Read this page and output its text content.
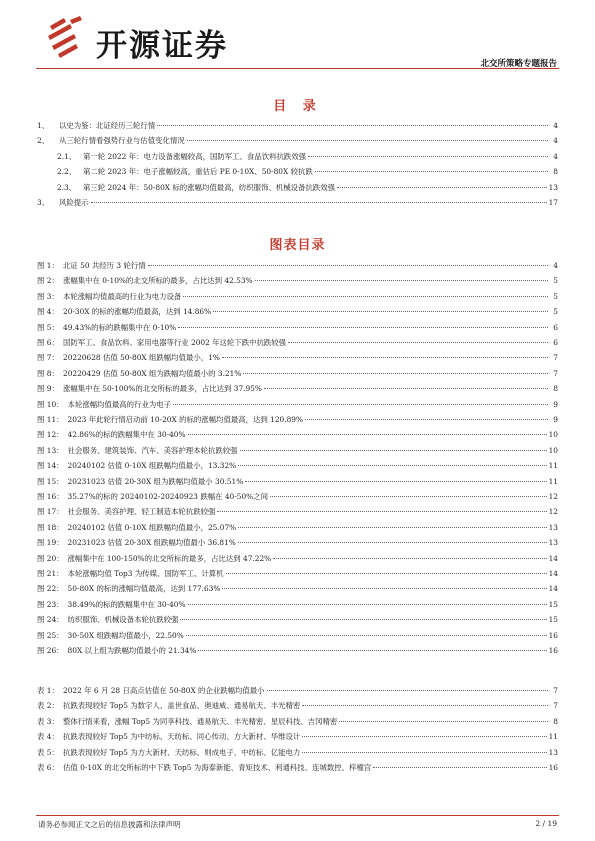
开源证券	北交所策略专题报告
目 录
1、	以史为鉴：北证经历三轮行情	4
2、	从三轮行情看强势行业与估值变化情况	4
2.1、 第一轮 2022 年：电力设备涨幅较高，国防军工、食品饮料抗跌效强	4
2.2、 第二轮 2023 年：电子涨幅较高，重估后 PE 0-10X、50-80X 较抗跌	8
2.3、 第三轮 2024 年：50-80X 标的涨幅均值最高，纺织服饰、机械设备抗跌效强	13
3、	风险提示	17
图表目录
图 1： 北证 50 共经历 3 轮行情	4
图 2： 涨幅集中在 0-10%的北交所标的最多，占比达到 42.53%	5
图 3： 本轮涨幅均值最高的行业为电力设备	5
图 4： 20-30X 的标的涨幅均值最高，达到 14.86%	5
图 5： 49.43%的标的跌幅集中在 0-10%	6
图 6： 国防军工、食品饮料、家用电器等行业 2002 年这轮下跌中抗跌较强	6
图 7： 20220628 估值 50-80X 组跌幅均值最小，1%	7
图 8： 20220429 估值 50-80X 组为跌幅均值最小的 3.21%	7
图 9： 涨幅集中在 50-100%的北交所标的最多，占比达到 37.95%	8
图 10： 本轮涨幅均值最高的行业为电子	9
图 11： 2023 年此轮行情启动前 10-20X 的标的涨幅均值最高，达到 120.89%	9
图 12： 42.86%的标的跌幅集中在 30-40%	10
图 13： 社会服务、建筑装饰、汽车、美容护理本轮抗跌较强	10
图 14： 20240102 估值 0-10X 组跌幅均值最小，13.32%	11
图 15： 20231023 估值 20-30X 组为跌幅均值最小 30.51%	11
图 16： 35.27%的标的 20240102-20240923 跌幅在 40-50%之间	12
图 17： 社会服务、美容护理、轻工制造本轮抗跌较强	12
图 18： 20240102 估值 0-10X 组跌幅均值最小，25.07%	13
图 19： 20231023 估值 20-30X 组跌幅均值最小 36.81%	13
图 20： 涨幅集中在 100-150%的北交所标的最多，占比达到 47.22%	14
图 21： 本轮涨幅均值 Top3 为传媒、国防军工、计算机	14
图 22： 50-80X 的标的涨幅均值最高，达到 177.63%	14
图 23： 38.49%的标的跌幅集中在 30-40%	15
图 24： 纺织服饰、机械设备本轮抗跌较强	15
图 25： 30-50X 组跌幅均值最小，22.50%	16
图 26： 80X 以上组为跌幅均值最小的 21.34%	16
表 1： 2022 年 6 月 28 日高点估值在 50-80X 的企业跌幅均值最小	7
表 2： 抗跌表现较好 Top5 为数字人、盖世食品、奥迪威、通易航天、丰光精密	7
表 3： 整体行情来看，涨幅 Top5 为同享科技、通易航天、丰光精密、星辰科技、吉冈精密	8
表 4： 抗跌表现较好 Top5 为中纺标、天纺标、同心传动、方大新材、华维设计	11
表 5： 抗跌表现较好 Top5 为方大新材、天纺标、则成电子、中纺标、亿能电力	13
表 6： 估值 0-10X 的北交所标的中下跌 Top5 为海泰新能、青矩技术、利通科技、连城数控、梓橦宫	16
请务必参阅正文之后的信息披露和法律声明	2 / 19
